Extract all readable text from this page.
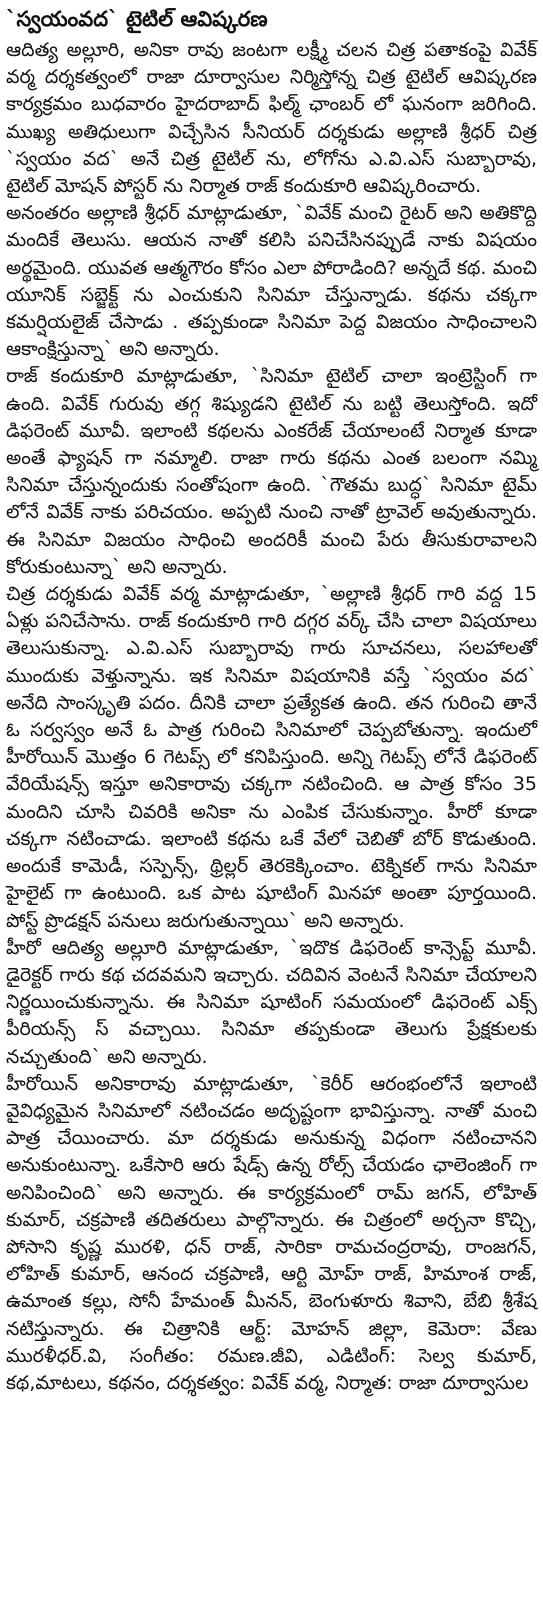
`స్వయంవద` టైటిల్ ఆవిష్కరణ

ఆదిత్య అల్లూరి, అనికా రావు జంటగా లక్ష్మీ చలన చిత్ర పతాకంపై వివేక్ వర్మ దర్శకత్వంలో రాజా దూర్వాసుల నిర్మిస్తోన్న చిత్ర టైటిల్ ఆవిష్కరణ కార్యక్రమం బుధవారం హైదరాబాద్ ఫిల్మ్ ఛాంబర్ లో ఘనంగా జరిగింది. ముఖ్య అతిధులుగా విచ్చేసిన సీనియర్ దర్శకుడు అల్లాణి శ్రీధర్ చిత్ర `స్వయం వద` అనే చిత్ర టైటిల్ ను, లోగోను ఎ.వి.ఎస్ సుబ్బారావు, టైటిల్ మోషన్ పోస్టర్ ను నిర్మాత రాజ్ కందుకూరి ఆవిష్కరించారు.

అనంతరం అల్లాణి శ్రీధర్ మాట్లాడుతూ, `వివేక్ మంచి రైటర్ అని అతికొద్ది మందికే తెలుసు. ఆయన నాతో కలిసి పనిచేసినప్పుడే నాకు విషయం అర్థమైంది. యువత ఆత్మగౌరం కోసం ఎలా పోరాడింది? అన్నదే కథ. మంచి యూనిక్ సబ్జెక్ట్ ను ఎంచుకుని సినిమా చేస్తున్నాడు. కథను చక్కగా కమర్షియలైజ్ చేసాడు . తప్పకుండా సినిమా పెద్ద విజయం సాధించాలని ఆకాంక్షిస్తున్నా` అని అన్నారు.

రాజ్ కందుకూరి మాట్లాడుతూ, `సినిమా టైటిల్ చాలా ఇంట్రెస్టింగ్ గా ఉంది. వివేక్ గురువు తగ్గ శిష్యుడని టైటిల్ ను బట్టి తెలుస్తోంది. ఇదో డిఫరెంట్ మూవీ. ఇలాంటి కథలను ఎంకరేజ్ చేయాలంటే నిర్మాత కూడా అంతే ఫ్యాషన్ గా నమ్మాలి. రాజా గారు కథను ఎంత బలంగా నమ్మి సినిమా చేస్తున్నందుకు సంతోషంగా ఉంది. `గౌతమ బుద్ధ` సినిమా టైమ్ లోనే వివేక్ నాకు పరిచయం. అప్పటి నుంచి నాతో ట్రావెల్ అవుతున్నారు. ఈ సినిమా విజయం సాధించి అందరికీ మంచి పేరు తీసుకురావాలని కోరుకుంటున్నా` అని అన్నారు.

చిత్ర దర్శకుడు వివేక్ వర్మ మాట్లాడుతూ, `అల్లాణి శ్రీధర్ గారి వద్ద 15 ఏళ్లు పనిచేసాను. రాజ్ కందుకూరి గారి దగ్గర వర్క్ చేసి చాలా విషయాలు తెలుసుకున్నా. ఎ.వి.ఎస్ సుబ్బారావు గారు సూచనలు, సలహాలతో ముందుకు వెళ్తున్నాను. ఇక సినిమా విషయానికి వస్తే `స్వయం వద` అనేది సాంస్కృతి పదం. దీనికి చాలా ప్రత్యేకత ఉంది. తన గురించి తానే ఓ సర్వస్వం అనే ఓ పాత్ర గురించి సినిమాలో చెప్పబోతున్నా. ఇందులో హీరోయిన్ మొత్తం 6 గెటప్స్ లో కనిపిస్తుంది. అన్ని గెటప్స్ లోనే డిఫరెంట్ వేరియేషన్స్ ఇస్తూ అనికారావు చక్కగా నటించింది. ఆ పాత్ర కోసం 35 మందిని చూసి చివరికి అనికా ను ఎంపిక చేసుకున్నాం. హీరో కూడా చక్కగా నటించాడు. ఇలాంటి కథను ఒకే వేలో చెబితో బోర్ కొడుతుంది. అందుకే కామెడీ, సస్పెన్స్, థ్రిల్లర్ తెరకెక్కించాం. టెక్నికల్ గాను సినిమా హైలైట్ గా ఉంటుంది. ఒక పాట షూటింగ్ మినహా అంతా పూర్తయింది. పోస్ట్ ప్రొడక్షన్ పనులు జరుగుతున్నాయి` అని అన్నారు.

హీరో ఆదిత్య అల్లూరి మాట్లాడుతూ, `ఇదొక డిఫరెంట్ కాన్సెప్ట్ మూవీ. డైరెక్టర్ గారు కథ చదవమని ఇచ్చారు. చదివిన వెంటనే సినిమా చేయాలని నిర్ణయించుకున్నాను. ఈ సినిమా షూటింగ్ సమయంలో డిఫరెంట్ ఎక్స్ పీరియన్స్ స్ వచ్చాయి. సినిమా తప్పకుండా తెలుగు ప్రేక్షకులకు నచ్చుతుంది` అని అన్నారు.

హీరోయిన్ అనికారావు మాట్లాడుతూ, `కెరీర్ ఆరంభంలోనే ఇలాంటి వైవిధ్యమైన సినిమాలో నటించడం అదృష్టంగా భావిస్తున్నా. నాతో మంచి పాత్ర చేయించారు. మా దర్శకుడు అనుకున్న విధంగా నటించానని అనుకుంటున్నా. ఒకేసారి ఆరు షేడ్స్ ఉన్న రోల్స్ చేయడం ఛాలెంజింగ్ గా అనిపించింది` అని అన్నారు. ఈ కార్యక్రమంలో రామ్ జగన్, లోహిత్ కుమార్, చక్రపాణి తదితరులు పాల్గొన్నారు. ఈ చిత్రంలో అర్చనా కొచ్చి, పోసాని కృష్ణ మురళి, ధన్ రాజ్, సారికా రామచంద్రరావు, రాంజగన్, లోహిత్ కుమార్, ఆనంద చక్రపాణి, ఆర్టి మోహ్ రాజ్, హిమాంశ రాజ్, ఉమాంత కల్లు, సోనీ హేమంత్ మీనన్, బెంగుళూరు శివాని, బేబి శ్రీశేష నటిస్తున్నారు. ఈ చిత్రానికి ఆర్ట్: మోహన్ జిల్లా, కెమెరా: వేణు మురళీధర్.వి, సంగీతం: రమణ.జీవి, ఎడిటింగ్: సెల్వ కుమార్, కథ,మాటలు, కథనం, దర్శకత్వం: వివేక్ వర్మ, నిర్మాత: రాజా దూర్వాసుల
